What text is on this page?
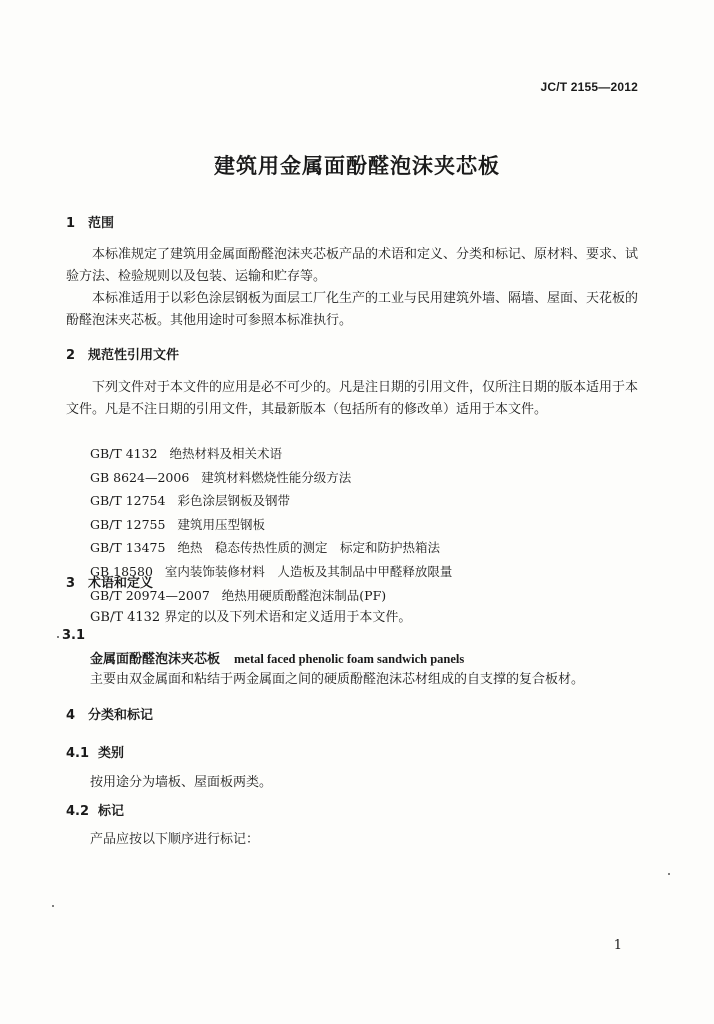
JC/T 2155—2012
建筑用金属面酚醛泡沫夹芯板
1 范围
本标准规定了建筑用金属面酚醛泡沫夹芯板产品的术语和定义、分类和标记、原材料、要求、试验方法、检验规则以及包装、运输和贮存等。
本标准适用于以彩色涂层钢板为面层工厂化生产的工业与民用建筑外墙、隔墙、屋面、天花板的酚醛泡沫夹芯板。其他用途时可参照本标准执行。
2 规范性引用文件
下列文件对于本文件的应用是必不可少的。凡是注日期的引用文件，仅所注日期的版本适用于本文件。凡是不注日期的引用文件，其最新版本（包括所有的修改单）适用于本文件。
GB/T 4132 绝热材料及相关术语
GB 8624—2006 建筑材料燃烧性能分级方法
GB/T 12754 彩色涂层钢板及钢带
GB/T 12755 建筑用压型钢板
GB/T 13475 绝热　稳态传热性质的测定　标定和防护热箱法
GB 18580 室内装饰装修材料　人造板及其制品中甲醛释放限量
GB/T 20974—2007 绝热用硬质酚醛泡沫制品(PF)
3 术语和定义
GB/T 4132 界定的以及下列术语和定义适用于本文件。
3.1
金属面酚醛泡沫夹芯板 metal faced phenolic foam sandwich panels
主要由双金属面和粘结于两金属面之间的硬质酚醛泡沫芯材组成的自支撑的复合板材。
4 分类和标记
4.1 类别
按用途分为墙板、屋面板两类。
4.2 标记
产品应按以下顺序进行标记：
1
